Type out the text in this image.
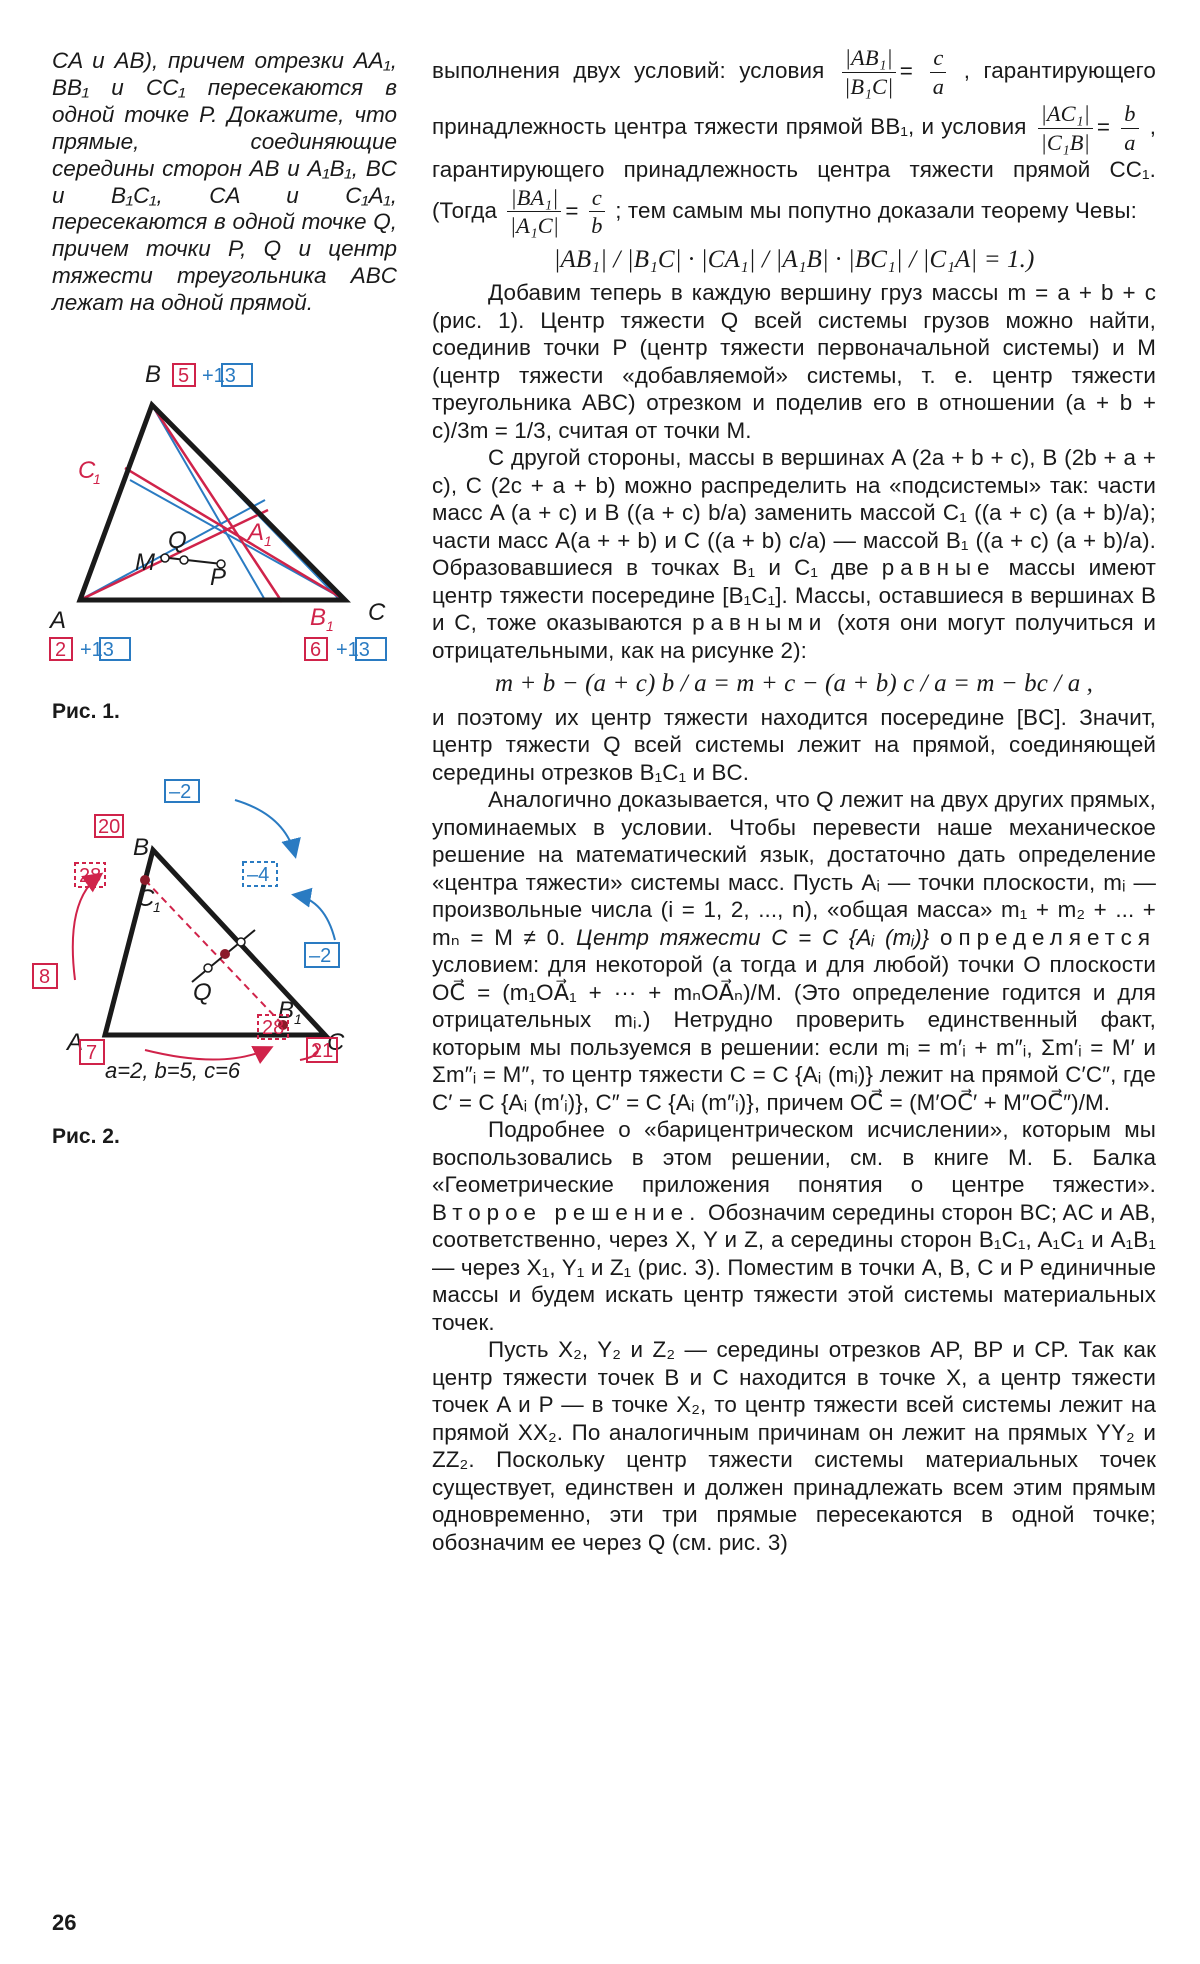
CA и AB), причем отрезки AA₁, BB₁ и CC₁ пересекаются в одной точке P. Докажите, что прямые, соединяющие середины сторон AB и A₁B₁, BC и B₁C₁, CA и C₁A₁, пересекаются в одной точке Q, причем точки P, Q и центр тяжести треугольника ABC лежат на одной прямой.

5 +13
B
C
1
A 1
M
Q
P
A	B 1 C
2 +13	6 +13
Рис. 1.
B
C
1
Q
B 1
A	C
20
28
8
7	21
28
–2
–4
–2
a=2, b=5, c=6
Рис. 2.

выполнения двух условий: условия $\frac{\text{|AB₁|}}{\text{|B₁C|}} = \frac{c}{a}$ , гарантирующего принадлежность центра тяжести прямой BB₁, и условия $\frac{\text{|AC₁|}}{\text{|C₁B|}} = \frac{b}{a}$ , гарантирующего принадлежность центра тяжести прямой CC₁. (Тогда $\frac{\text{|BA₁|}}{\text{|A₁C|}} = \frac{c}{b}$ ; тем самым мы попутно доказали теорему Чевы:

|AB₁| / |B₁C| · |CA₁| / |A₁B| · |BC₁| / |C₁A| = 1.)

Добавим теперь в каждую вершину груз массы m = a + b + c (рис. 1). Центр тяжести Q всей системы грузов можно найти, соединив точки P (центр тяжести первоначальной системы) и M (центр тяжести «добавляемой» системы, т. е. центр тяжести треугольника ABC) отрезком и поделив его в отношении (a + b + c)/3m = 1/3, считая от точки M.

С другой стороны, массы в вершинах A (2a + b + c), B (2b + a + c), C (2c + a + b) можно распределить на «подсистемы» так: части масс A (a + c) и B ((a + c) b/a) заменить массой C₁ ((a + c) (a + b)/a); части масс A(a + + b) и C ((a + b) c/a) — массой B₁ ((a + c) (a + b)/a). Образовавшиеся в точках B₁ и C₁ две равные массы имеют центр тяжести посередине [B₁C₁]. Массы, оставшиеся в вершинах B и C, тоже оказываются равными (хотя они могут получиться и отрицательными, как на рисунке 2):

m + b − (a + c) b / a = m + c − (a + b) c / a = m − bc / a ,

и поэтому их центр тяжести находится посередине [BC]. Значит, центр тяжести Q всей системы лежит на прямой, соединяющей середины отрезков B₁C₁ и BC.

Аналогично доказывается, что Q лежит на двух других прямых, упоминаемых в условии. Чтобы перевести наше механическое решение на математический язык, достаточно дать определение «центра тяжести» системы масс. Пусть Aᵢ — точки плоскости, mᵢ — произвольные числа (i = 1, 2, ..., n), «общая масса» m₁ + m₂ + ... + mₙ = M ≠ 0. Центр тяжести C = C {Aᵢ (mᵢ)} определяется условием: для некоторой (а тогда и для любой) точки O плоскости OC⃗ = (m₁OA⃗₁ + ··· + mₙOA⃗ₙ)/M. (Это определение годится и для отрицательных mᵢ.) Нетрудно проверить единственный факт, которым мы пользуемся в решении: если mᵢ = m′ᵢ + m″ᵢ, Σm′ᵢ = M′ и Σm″ᵢ = M″, то центр тяжести C = C {Aᵢ (mᵢ)} лежит на прямой C′C″, где C′ = C {Aᵢ (m′ᵢ)}, C″ = C {Aᵢ (m″ᵢ)}, причем OC⃗ = (M′OC⃗′ + M″OC⃗″)/M.

Подробнее о «барицентрическом исчислении», которым мы воспользовались в этом решении, см. в книге М. Б. Балка «Геометрические приложения понятия о центре тяжести». Второе решение. Обозначим середины сторон BC; AC и AB, соответственно, через X, Y и Z, а середины сторон B₁C₁, A₁C₁ и A₁B₁ — через X₁, Y₁ и Z₁ (рис. 3). Поместим в точки A, B, C и P единичные массы и будем искать центр тяжести этой системы материальных точек.

Пусть X₂, Y₂ и Z₂ — середины отрезков AP, BP и CP. Так как центр тяжести точек B и C находится в точке X, а центр тяжести точек A и P — в точке X₂, то центр тяжести всей системы лежит на прямой XX₂. По аналогичным причинам он лежит на прямых YY₂ и ZZ₂. Поскольку центр тяжести системы материальных точек существует, единствен и должен принадлежать всем этим прямым одновременно, эти три прямые пересекаются в одной точке; обозначим ее через Q (см. рис. 3)

26
